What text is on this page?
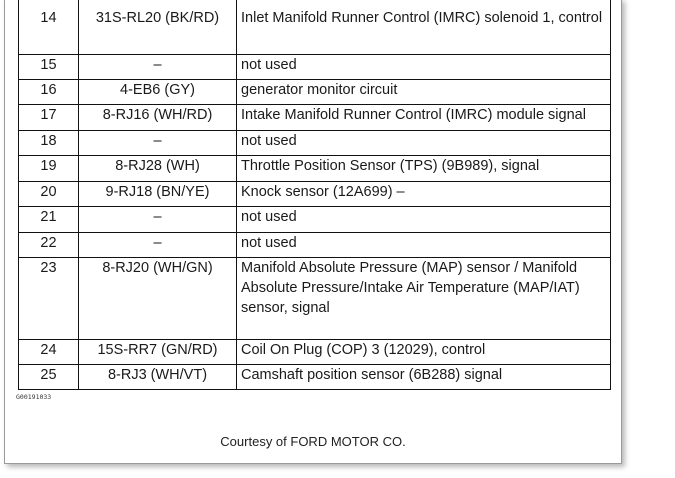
14	31S-RL20 (BK/RD)	Inlet Manifold Runner Control (IMRC) solenoid 1, control
15	–	not used
16	4-EB6 (GY)	generator monitor circuit
17	8-RJ16 (WH/RD)	Intake Manifold Runner Control (IMRC) module signal
18	–	not used
19	8-RJ28 (WH)	Throttle Position Sensor (TPS) (9B989), signal
20	9-RJ18 (BN/YE)	Knock sensor (12A699) –
21	–	not used
22	–	not used
23	8-RJ20 (WH/GN)	Manifold Absolute Pressure (MAP) sensor / Manifold Absolute Pressure/Intake Air Temperature (MAP/IAT) sensor, signal
24	15S-RR7 (GN/RD)	Coil On Plug (COP) 3 (12029), control
25	8-RJ3 (WH/VT)	Camshaft position sensor (6B288) signal
G00191033
Courtesy of FORD MOTOR CO.
